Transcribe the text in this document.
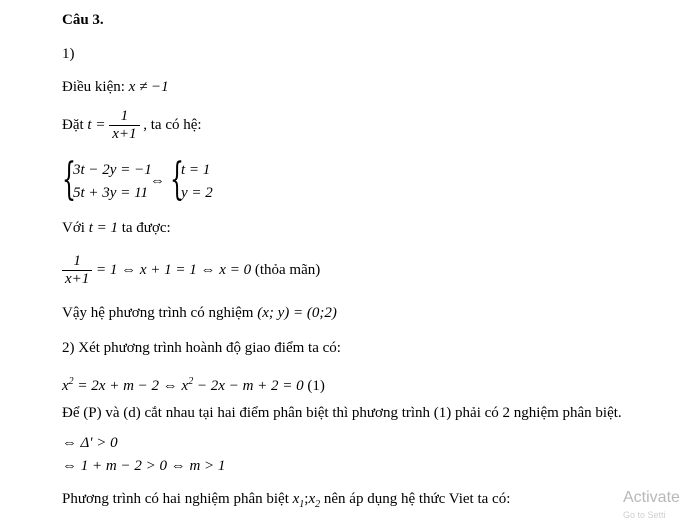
Câu 3.
1)
Điều kiện: x ≠ −1
Đặt $t = \frac{1}{x+1}$ , ta có hệ:
{
3t − 2y = −1
5t + 3y = 11
⇔ {
t = 1
y = 2
Với t = 1 ta được:
$\frac{1}{x+1} = 1$ ⇔ x + 1 = 1 ⇔ x = 0 (thỏa mãn)
Vậy hệ phương trình có nghiệm (x; y) = (0;2)
2) Xét phương trình hoành độ giao điểm ta có:
$x^2 = 2x + m - 2$ ⇔ $x^2 - 2x - m + 2 = 0$ (1)
Để (P) và (d) cắt nhau tại hai điểm phân biệt thì phương trình (1) phải có 2 nghiệm phân biệt.
⇔ Δ' > 0
⇔ 1 + m − 2 > 0 ⇔ m > 1
Phương trình có hai nghiệm phân biệt $x_1;x_2$ nên áp dụng hệ thức Viet ta có:	Activate
Go to Setti
